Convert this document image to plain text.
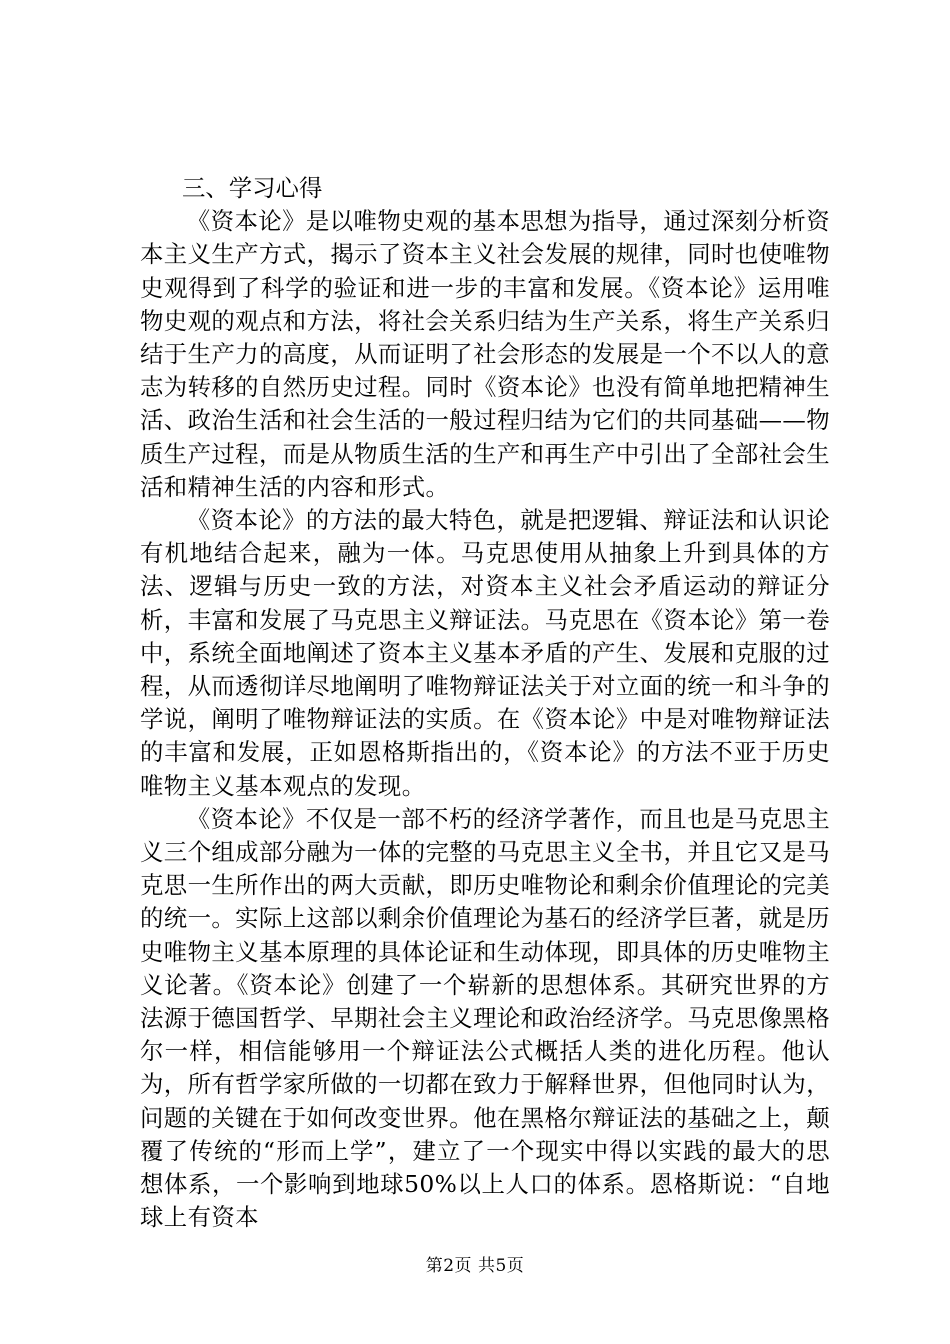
三、学习心得

《资本论》是以唯物史观的基本思想为指导，通过深刻分析资本主义生产方式，揭示了资本主义社会发展的规律，同时也使唯物史观得到了科学的验证和进一步的丰富和发展。《资本论》运用唯物史观的观点和方法，将社会关系归结为生产关系，将生产关系归结于生产力的高度，从而证明了社会形态的发展是一个不以人的意志为转移的自然历史过程。同时《资本论》也没有简单地把精神生活、政治生活和社会生活的一般过程归结为它们的共同基础——物质生产过程，而是从物质生活的生产和再生产中引出了全部社会生活和精神生活的内容和形式。

《资本论》的方法的最大特色，就是把逻辑、辩证法和认识论有机地结合起来，融为一体。马克思使用从抽象上升到具体的方法、逻辑与历史一致的方法，对资本主义社会矛盾运动的辩证分析，丰富和发展了马克思主义辩证法。马克思在《资本论》第一卷中，系统全面地阐述了资本主义基本矛盾的产生、发展和克服的过程，从而透彻详尽地阐明了唯物辩证法关于对立面的统一和斗争的学说，阐明了唯物辩证法的实质。在《资本论》中是对唯物辩证法的丰富和发展，正如恩格斯指出的，《资本论》的方法不亚于历史唯物主义基本观点的发现。

《资本论》不仅是一部不朽的经济学著作，而且也是马克思主义三个组成部分融为一体的完整的马克思主义全书，并且它又是马克思一生所作出的两大贡献，即历史唯物论和剩余价值理论的完美的统一。实际上这部以剩余价值理论为基石的经济学巨著，就是历史唯物主义基本原理的具体论证和生动体现，即具体的历史唯物主义论著。《资本论》创建了一个崭新的思想体系。其研究世界的方法源于德国哲学、早期社会主义理论和政治经济学。马克思像黑格尔一样，相信能够用一个辩证法公式概括人类的进化历程。他认为，所有哲学家所做的一切都在致力于解释世界，但他同时认为，问题的关键在于如何改变世界。他在黑格尔辩证法的基础之上，颠覆了传统的“形而上学”，建立了一个现实中得以实践的最大的思想体系，一个影响到地球50%以上人口的体系。恩格斯说：“自地球上有资本

第2页 共5页
